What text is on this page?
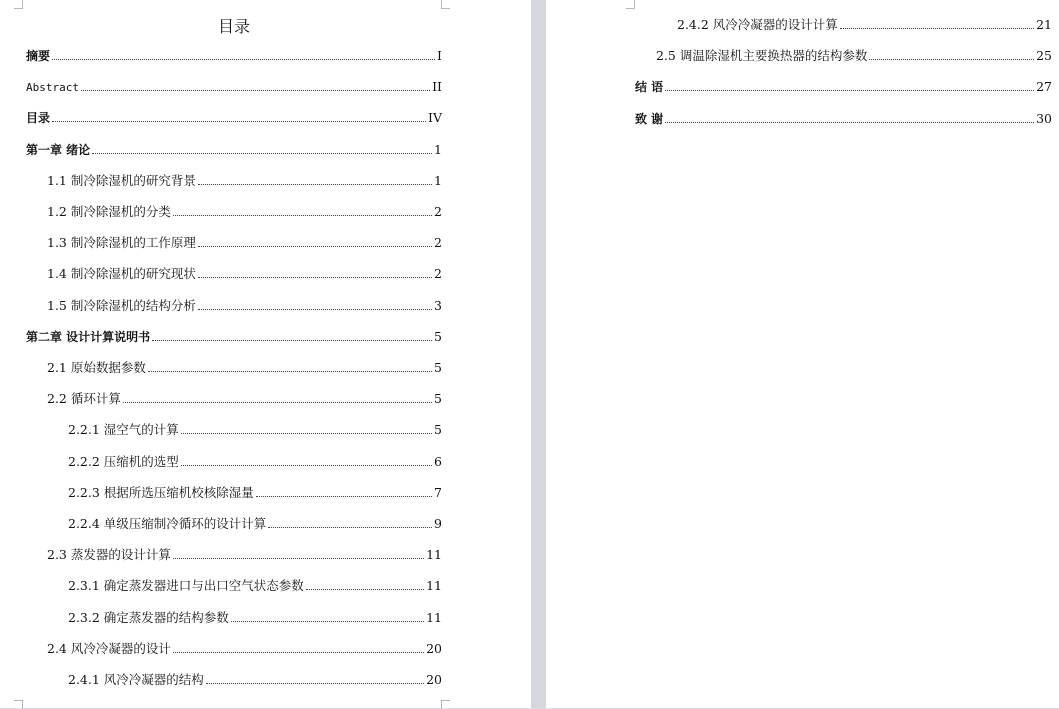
目录
摘要	I
Abstract	II
目录	IV
第一章 绪论	1
1.1 制冷除湿机的研究背景	1
1.2 制冷除湿机的分类	2
1.3 制冷除湿机的工作原理	2
1.4 制冷除湿机的研究现状	2
1.5 制冷除湿机的结构分析	3
第二章 设计计算说明书	5
2.1 原始数据参数	5
2.2 循环计算	5
2.2.1 湿空气的计算	5
2.2.2 压缩机的选型	6
2.2.3 根据所选压缩机校核除湿量	7
2.2.4 单级压缩制冷循环的设计计算	9
2.3 蒸发器的设计计算	11
2.3.1 确定蒸发器进口与出口空气状态参数	11
2.3.2 确定蒸发器的结构参数	11
2.4 风冷冷凝器的设计	20
2.4.1 风冷冷凝器的结构	20
2.4.2 风冷冷凝器的设计计算	21
2.5 调温除湿机主要换热器的结构参数	25
结 语	27
致 谢	30
